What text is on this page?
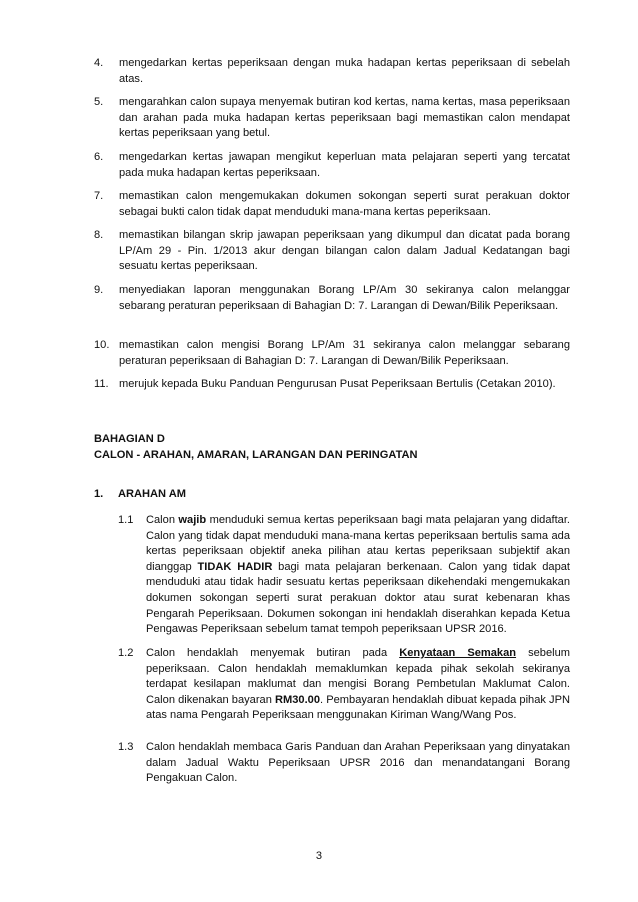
4. mengedarkan kertas peperiksaan dengan muka hadapan kertas peperiksaan di sebelah atas.
5. mengarahkan calon supaya menyemak butiran kod kertas, nama kertas, masa peperiksaan dan arahan pada muka hadapan kertas peperiksaan bagi memastikan calon mendapat kertas peperiksaan yang betul.
6. mengedarkan kertas jawapan mengikut keperluan mata pelajaran seperti yang tercatat pada muka hadapan kertas peperiksaan.
7. memastikan calon mengemukakan dokumen sokongan seperti surat perakuan doktor sebagai bukti calon tidak dapat menduduki mana-mana kertas peperiksaan.
8. memastikan bilangan skrip jawapan peperiksaan yang dikumpul dan dicatat pada borang LP/Am 29 - Pin. 1/2013 akur dengan bilangan calon dalam Jadual Kedatangan bagi sesuatu kertas peperiksaan.
9. menyediakan laporan menggunakan Borang LP/Am 30 sekiranya calon melanggar sebarang peraturan peperiksaan di Bahagian D: 7. Larangan di Dewan/Bilik Peperiksaan.
10. memastikan calon mengisi Borang LP/Am 31 sekiranya calon melanggar sebarang peraturan peperiksaan di Bahagian D: 7. Larangan di Dewan/Bilik Peperiksaan.
11. merujuk kepada Buku Panduan Pengurusan Pusat Peperiksaan Bertulis (Cetakan 2010).
BAHAGIAN D
CALON - ARAHAN, AMARAN, LARANGAN DAN PERINGATAN
1. ARAHAN AM
1.1 Calon wajib menduduki semua kertas peperiksaan bagi mata pelajaran yang didaftar. Calon yang tidak dapat menduduki mana-mana kertas peperiksaan bertulis sama ada kertas peperiksaan objektif aneka pilihan atau kertas peperiksaan subjektif akan dianggap TIDAK HADIR bagi mata pelajaran berkenaan. Calon yang tidak dapat menduduki atau tidak hadir sesuatu kertas peperiksaan dikehendaki mengemukakan dokumen sokongan seperti surat perakuan doktor atau surat kebenaran khas Pengarah Peperiksaan. Dokumen sokongan ini hendaklah diserahkan kepada Ketua Pengawas Peperiksaan sebelum tamat tempoh peperiksaan UPSR 2016.
1.2 Calon hendaklah menyemak butiran pada Kenyataan Semakan sebelum peperiksaan. Calon hendaklah memaklumkan kepada pihak sekolah sekiranya terdapat kesilapan maklumat dan mengisi Borang Pembetulan Maklumat Calon. Calon dikenakan bayaran RM30.00. Pembayaran hendaklah dibuat kepada pihak JPN atas nama Pengarah Peperiksaan menggunakan Kiriman Wang/Wang Pos.
1.3 Calon hendaklah membaca Garis Panduan dan Arahan Peperiksaan yang dinyatakan dalam Jadual Waktu Peperiksaan UPSR 2016 dan menandatangani Borang Pengakuan Calon.
3
